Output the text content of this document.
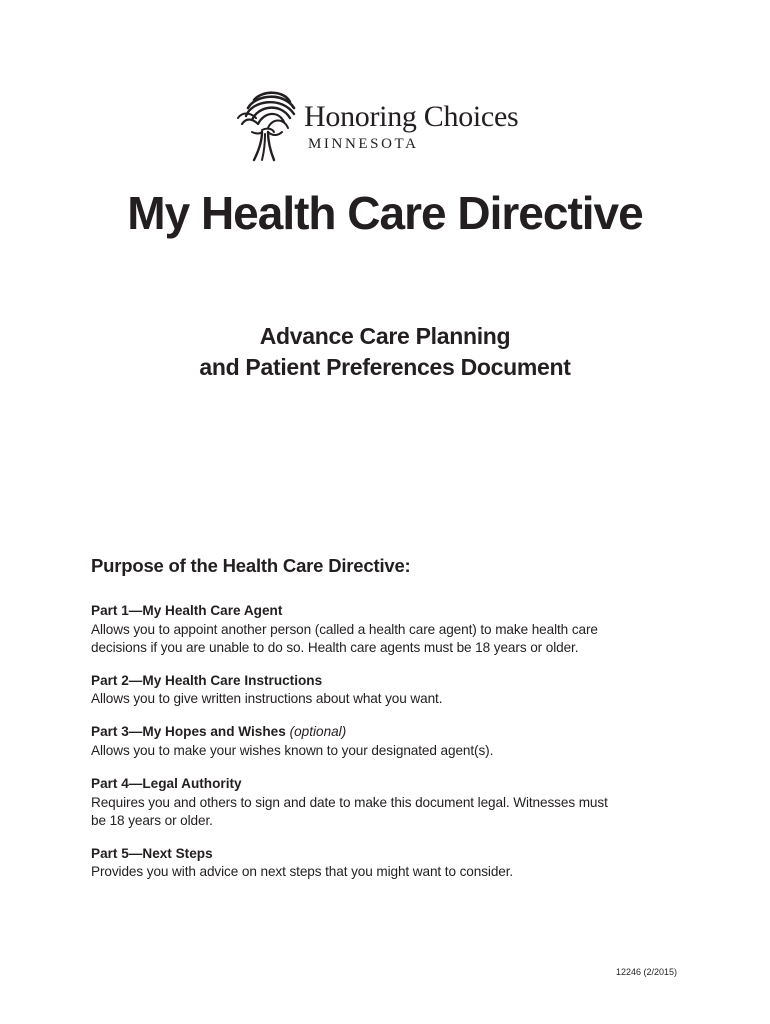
Honoring Choices
MINNESOTA
My Health Care Directive
Advance Care Planning
and Patient Preferences Document
Purpose of the Health Care Directive:
Part 1—My Health Care Agent
Allows you to appoint another person (called a health care agent) to make health care
decisions if you are unable to do so. Health care agents must be 18 years or older.
Part 2—My Health Care Instructions
Allows you to give written instructions about what you want.
Part 3—My Hopes and Wishes (optional)
Allows you to make your wishes known to your designated agent(s).
Part 4—Legal Authority
Requires you and others to sign and date to make this document legal. Witnesses must
be 18 years or older.
Part 5—Next Steps
Provides you with advice on next steps that you might want to consider.
12246 (2/2015)
